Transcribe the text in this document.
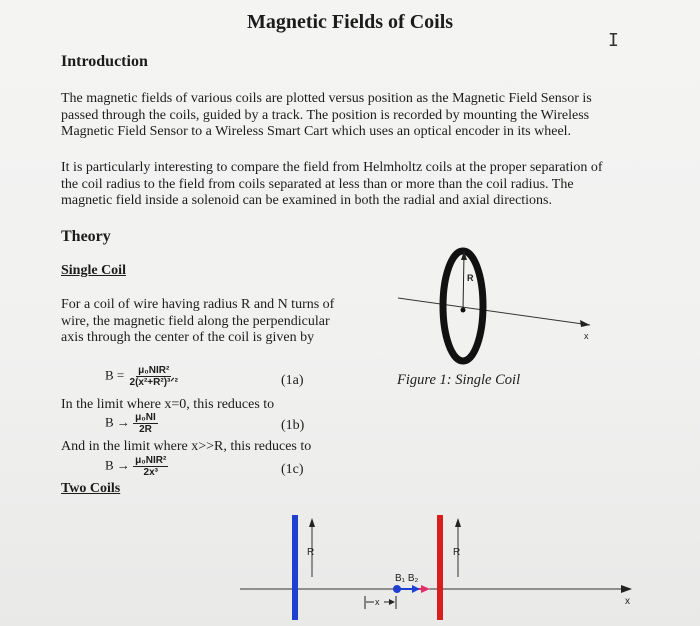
Magnetic Fields of Coils
I
Introduction
The magnetic fields of various coils are plotted versus position as the Magnetic Field Sensor is
passed through the coils, guided by a track. The position is recorded by mounting the Wireless
Magnetic Field Sensor to a Wireless Smart Cart which uses an optical encoder in its wheel.
It is particularly interesting to compare the field from Helmholtz coils at the proper separation of
the coil radius to the field from coils separated at less than or more than the coil radius. The
magnetic field inside a solenoid can be examined in both the radial and axial directions.
Theory
Single Coil
For a coil of wire having radius R and N turns of
wire, the magnetic field along the perpendicular
axis through the center of the coil is given by
$B = \frac{\text{μ₀NIR²}}{\text{2(x²+R²)³ᐟ²}}$	(1a)
In the limit where x=0, this reduces to
$B \to \frac{\text{μ₀NI}}{2R}$	(1b)
And in the limit where x>>R, this reduces to
$B \to \frac{\text{μ₀NIR²}}{\text{2x³}}$	(1c)
Two Coils
x
R
Figure 1: Single Coil
x
R	R
B₁ B₂
x
